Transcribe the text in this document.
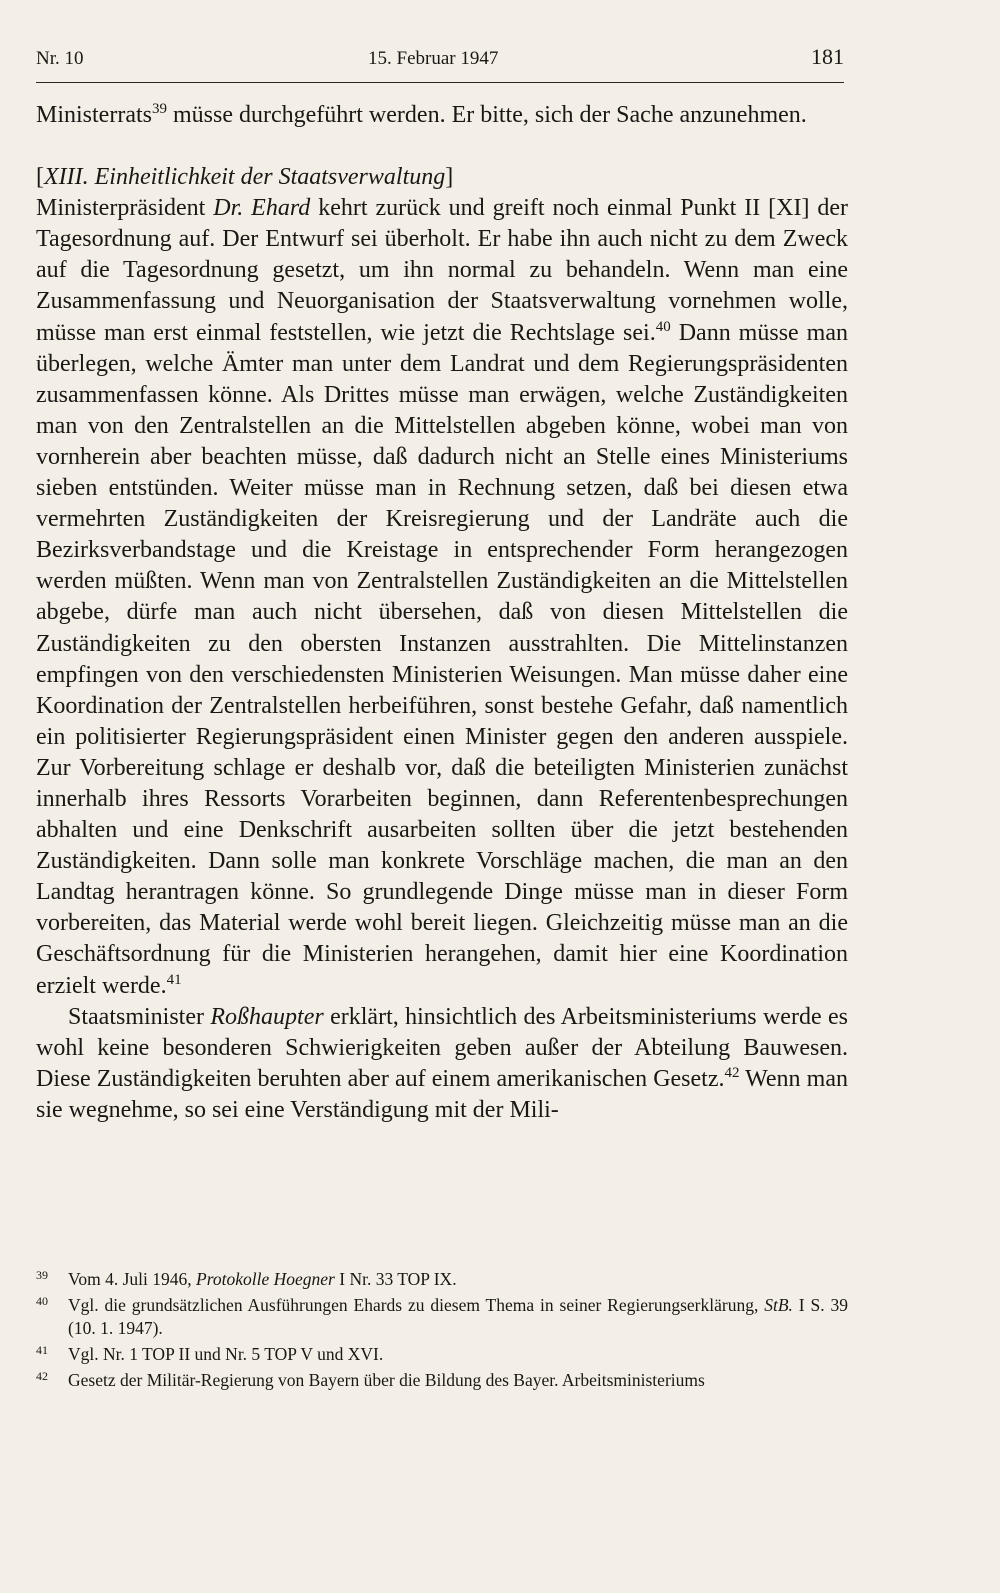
Nr. 10	15. Februar 1947	181

Ministerrats$^{39}$ müsse durchgeführt werden. Er bitte, sich der Sache anzunehmen.

[XIII. Einheitlichkeit der Staatsverwaltung]

Ministerpräsident Dr. Ehard kehrt zurück und greift noch einmal Punkt II [XI] der Tagesordnung auf. Der Entwurf sei überholt. Er habe ihn auch nicht zu dem Zweck auf die Tagesordnung gesetzt, um ihn normal zu behandeln. Wenn man eine Zusammenfassung und Neuorganisation der Staatsverwaltung vornehmen wolle, müsse man erst einmal feststellen, wie jetzt die Rechtslage sei.$^{40}$ Dann müsse man überlegen, welche Ämter man unter dem Landrat und dem Regierungspräsidenten zusammenfassen könne. Als Drittes müsse man erwägen, welche Zuständigkeiten man von den Zentralstellen an die Mittelstellen abgeben könne, wobei man von vornherein aber beachten müsse, daß dadurch nicht an Stelle eines Ministeriums sieben entstünden. Weiter müsse man in Rechnung setzen, daß bei diesen etwa vermehrten Zuständigkeiten der Kreisregierung und der Landräte auch die Bezirksverbandstage und die Kreistage in entsprechender Form herangezogen werden müßten. Wenn man von Zentralstellen Zuständigkeiten an die Mittelstellen abgebe, dürfe man auch nicht übersehen, daß von diesen Mittelstellen die Zuständigkeiten zu den obersten Instanzen ausstrahlten. Die Mittelinstanzen empfingen von den verschiedensten Ministerien Weisungen. Man müsse daher eine Koordination der Zentralstellen herbeiführen, sonst bestehe Gefahr, daß namentlich ein politisierter Regierungspräsident einen Minister gegen den anderen ausspiele. Zur Vorbereitung schlage er deshalb vor, daß die beteiligten Ministerien zunächst innerhalb ihres Ressorts Vorarbeiten beginnen, dann Referentenbesprechungen abhalten und eine Denkschrift ausarbeiten sollten über die jetzt bestehenden Zuständigkeiten. Dann solle man konkrete Vorschläge machen, die man an den Landtag herantragen könne. So grundlegende Dinge müsse man in dieser Form vorbereiten, das Material werde wohl bereit liegen. Gleichzeitig müsse man an die Geschäftsordnung für die Ministerien herangehen, damit hier eine Koordination erzielt werde.$^{41}$

Staatsminister Roßhaupter erklärt, hinsichtlich des Arbeitsministeriums werde es wohl keine besonderen Schwierigkeiten geben außer der Abteilung Bauwesen. Diese Zuständigkeiten beruhten aber auf einem amerikanischen Gesetz.$^{42}$ Wenn man sie wegnehme, so sei eine Verständigung mit der Mili-

39	Vom 4. Juli 1946, Protokolle Hoegner I Nr. 33 TOP IX.
40	Vgl. die grundsätzlichen Ausführungen Ehards zu diesem Thema in seiner Regierungserklärung, StB. I S. 39 (10. 1. 1947).
41	Vgl. Nr. 1 TOP II und Nr. 5 TOP V und XVI.
42	Gesetz der Militär-Regierung von Bayern über die Bildung des Bayer. Arbeitsministeriums
